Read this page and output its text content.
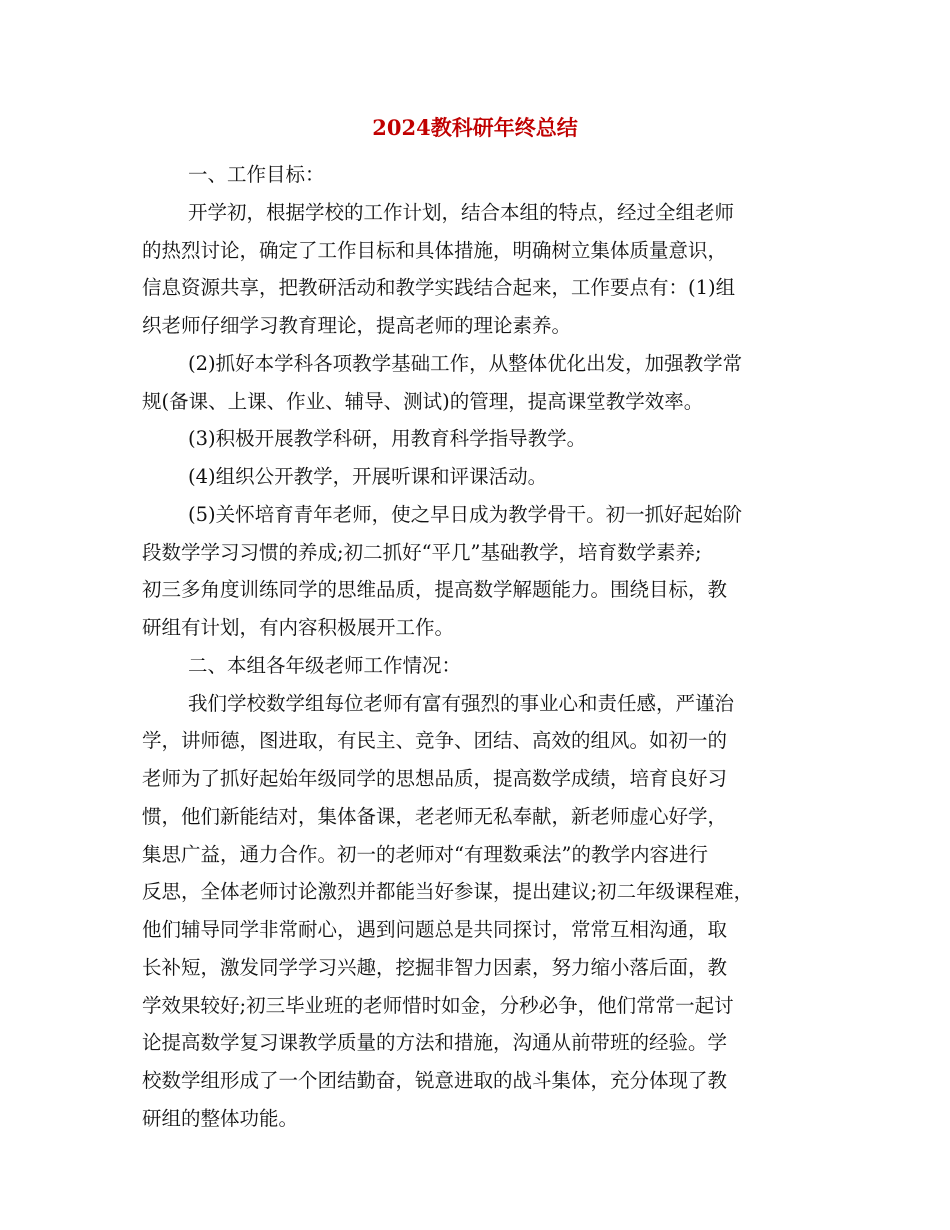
2024教科研年终总结
一、工作目标：
开学初，根据学校的工作计划，结合本组的特点，经过全组老师
的热烈讨论，确定了工作目标和具体措施，明确树立集体质量意识，
信息资源共享，把教研活动和教学实践结合起来，工作要点有：(1)组
织老师仔细学习教育理论，提高老师的理论素养。
(2)抓好本学科各项教学基础工作，从整体优化出发，加强教学常
规(备课、上课、作业、辅导、测试)的管理，提高课堂教学效率。
(3)积极开展教学科研，用教育科学指导教学。
(4)组织公开教学，开展听课和评课活动。
(5)关怀培育青年老师，使之早日成为教学骨干。初一抓好起始阶
段数学学习习惯的养成;初二抓好“平几”基础教学，培育数学素养;
初三多角度训练同学的思维品质，提高数学解题能力。围绕目标，教
研组有计划，有内容积极展开工作。
二、本组各年级老师工作情况：
我们学校数学组每位老师有富有强烈的事业心和责任感，严谨治
学，讲师德，图进取，有民主、竞争、团结、高效的组风。如初一的
老师为了抓好起始年级同学的思想品质，提高数学成绩，培育良好习
惯，他们新能结对，集体备课，老老师无私奉献，新老师虚心好学，
集思广益，通力合作。初一的老师对“有理数乘法”的教学内容进行
反思，全体老师讨论激烈并都能当好参谋，提出建议;初二年级课程难，
他们辅导同学非常耐心，遇到问题总是共同探讨，常常互相沟通，取
长补短，激发同学学习兴趣，挖掘非智力因素，努力缩小落后面，教
学效果较好;初三毕业班的老师惜时如金，分秒必争，他们常常一起讨
论提高数学复习课教学质量的方法和措施，沟通从前带班的经验。学
校数学组形成了一个团结勤奋，锐意进取的战斗集体，充分体现了教
研组的整体功能。
